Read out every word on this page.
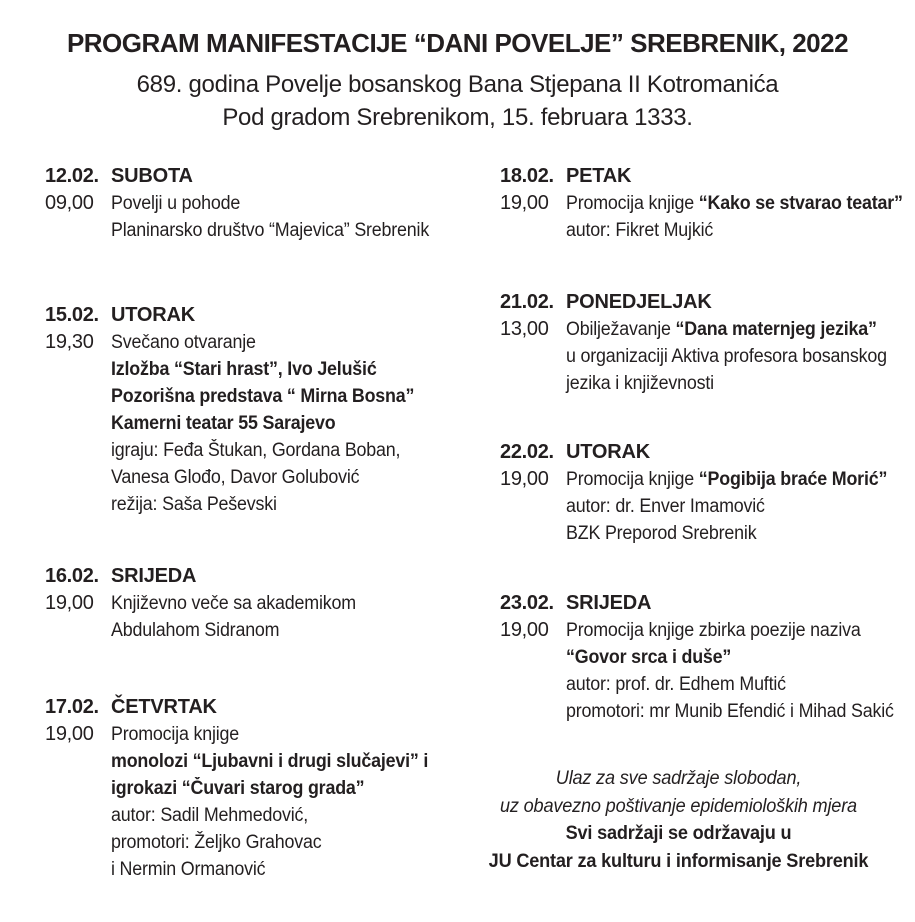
PROGRAM MANIFESTACIJE “DANI POVELJE” SREBRENIK, 2022
689. godina Povelje bosanskog Bana Stjepana II Kotromanića
Pod gradom Srebrenikom, 15. februara 1333.
12.02. SUBOTA
09,00 Povelji u pohode
Planinarsko društvo “Majevica” Srebrenik
15.02. UTORAK
19,30 Svečano otvaranje
Izložba “Stari hrast”, Ivo Jelušić
Pozorišna predstava “ Mirna Bosna”
Kamerni teatar 55 Sarajevo
igraju: Feđa Štukan, Gordana Boban,
Vanesa Glođo, Davor Golubović
režija: Saša Peševski
16.02. SRIJEDA
19,00 Književno veče sa akademikom
Abdulahom Sidranom
17.02. ČETVRTAK
19,00 Promocija knjige
monolozi “Ljubavni i drugi slučajevi” i
igrokazi “Čuvari starog grada”
autor: Sadil Mehmedović,
promotori: Željko Grahovac
i Nermin Ormanović
18.02. PETAK
19,00 Promocija knjige “Kako se stvarao teatar”
autor: Fikret Mujkić
21.02. PONEDJELJAK
13,00 Obilježavanje “Dana maternjeg jezika”
u organizaciji Aktiva profesora bosanskog
jezika i književnosti
22.02. UTORAK
19,00 Promocija knjige “Pogibija braće Morić”
autor: dr. Enver Imamović
BZK Preporod Srebrenik
23.02. SRIJEDA
19,00 Promocija knjige zbirka poezije naziva
“Govor srca i duše”
autor: prof. dr. Edhem Muftić
promotori: mr Munib Efendić i Mihad Sakić
Ulaz za sve sadržaje slobodan,
uz obavezno poštivanje epidemioloških mjera
Svi sadržaji se održavaju u
JU Centar za kulturu i informisanje Srebrenik
